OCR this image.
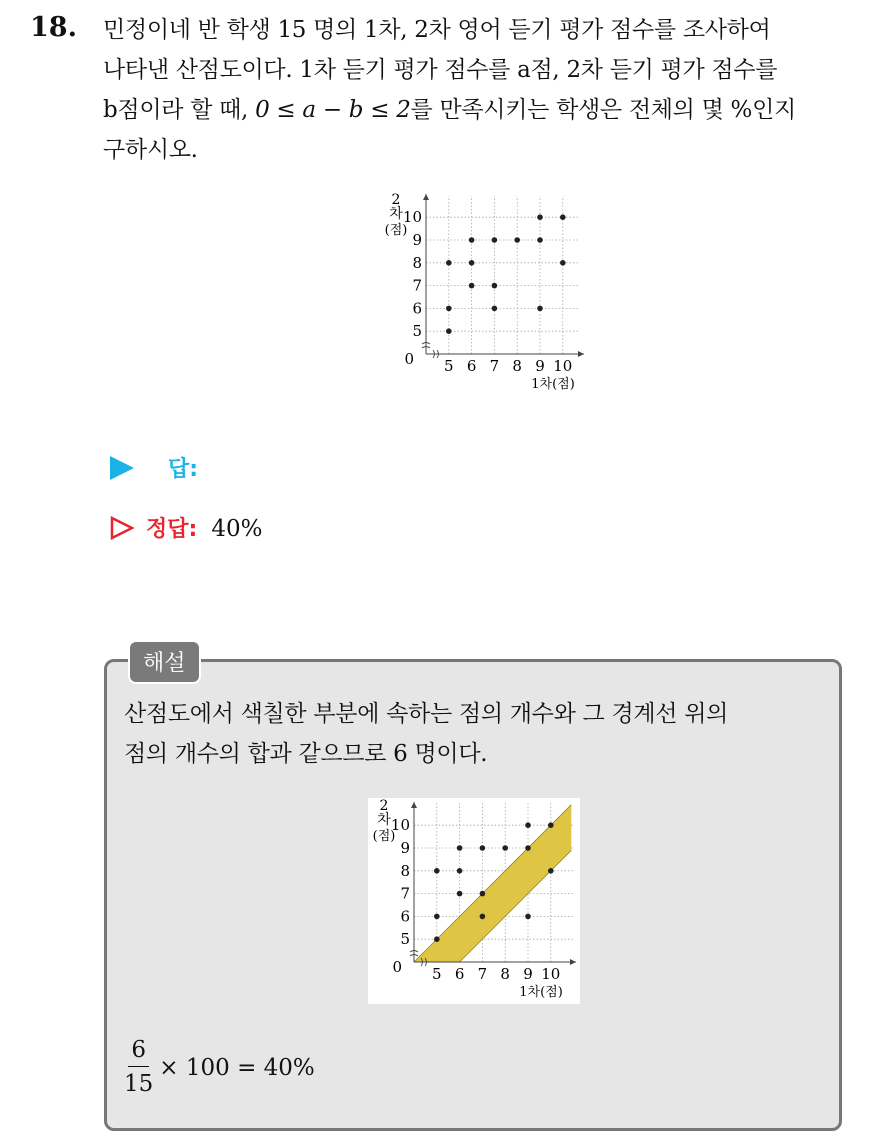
18. 민정이네 반 학생 15 명의 1차, 2차 영어 듣기 평가 점수를 조사하여
나타낸 산점도이다. 1차 듣기 평가 점수를 a점, 2차 듣기 평가 점수를
b점이라 할 때, 0 ≤ a − b ≤ 2를 만족시키는 학생은 전체의 몇 %인지
구하시오.
5 6 7 8 9 10
5
6
7
8
9
10
0
2
차
(점)
1차(점)
답:
정답: 40%
해설
산점도에서 색칠한 부분에 속하는 점의 개수와 그 경계선 위의
점의 개수의 합과 같으므로 6 명이다.
5 6 7 8 9 10
5
6
7
8
9
10
0
2
차
(점)
1차(점)
$\frac{6}{15} \times 100 = 40\%$
